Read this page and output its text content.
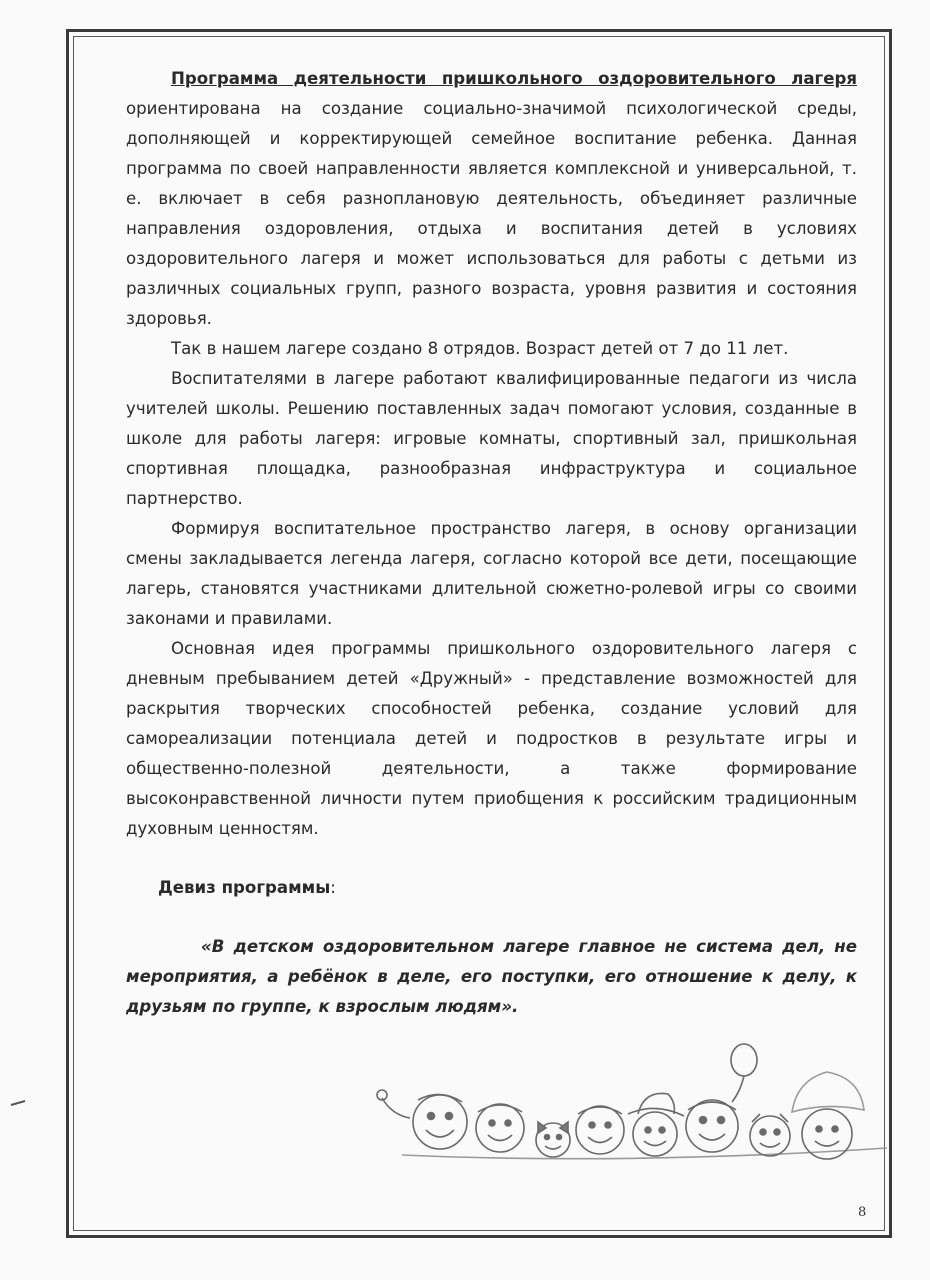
Программа деятельности пришкольного оздоровительного лагеря ориентирована на создание социально-значимой психологической среды, дополняющей и корректирующей семейное воспитание ребенка. Данная программа по своей направленности является комплексной и универсальной, т. е. включает в себя разноплановую деятельность, объединяет различные направления оздоровления, отдыха и воспитания детей в условиях оздоровительного лагеря и может использоваться для работы с детьми из различных социальных групп, разного возраста, уровня развития и состояния здоровья.

Так в нашем лагере создано 8 отрядов. Возраст детей от 7 до 11 лет.

Воспитателями в лагере работают квалифицированные педагоги из числа учителей школы. Решению поставленных задач помогают условия, созданные в школе для работы лагеря: игровые комнаты, спортивный зал, пришкольная спортивная площадка, разнообразная инфраструктура и социальное партнерство.

Формируя воспитательное пространство лагеря, в основу организации смены закладывается легенда лагеря, согласно которой все дети, посещающие лагерь, становятся участниками длительной сюжетно-ролевой игры со своими законами и правилами.

Основная идея программы пришкольного оздоровительного лагеря с дневным пребыванием детей «Дружный» - представление возможностей для раскрытия творческих способностей ребенка, создание условий для самореализации потенциала детей и подростков в результате игры и общественно-полезной деятельности, а также формирование высоконравственной личности путем приобщения к российским традиционным духовным ценностям.

Девиз программы:

«В детском оздоровительном лагере главное не система дел, не мероприятия, а ребёнок в деле, его поступки, его отношение к делу, к друзьям по группе, к взрослым людям».

8
